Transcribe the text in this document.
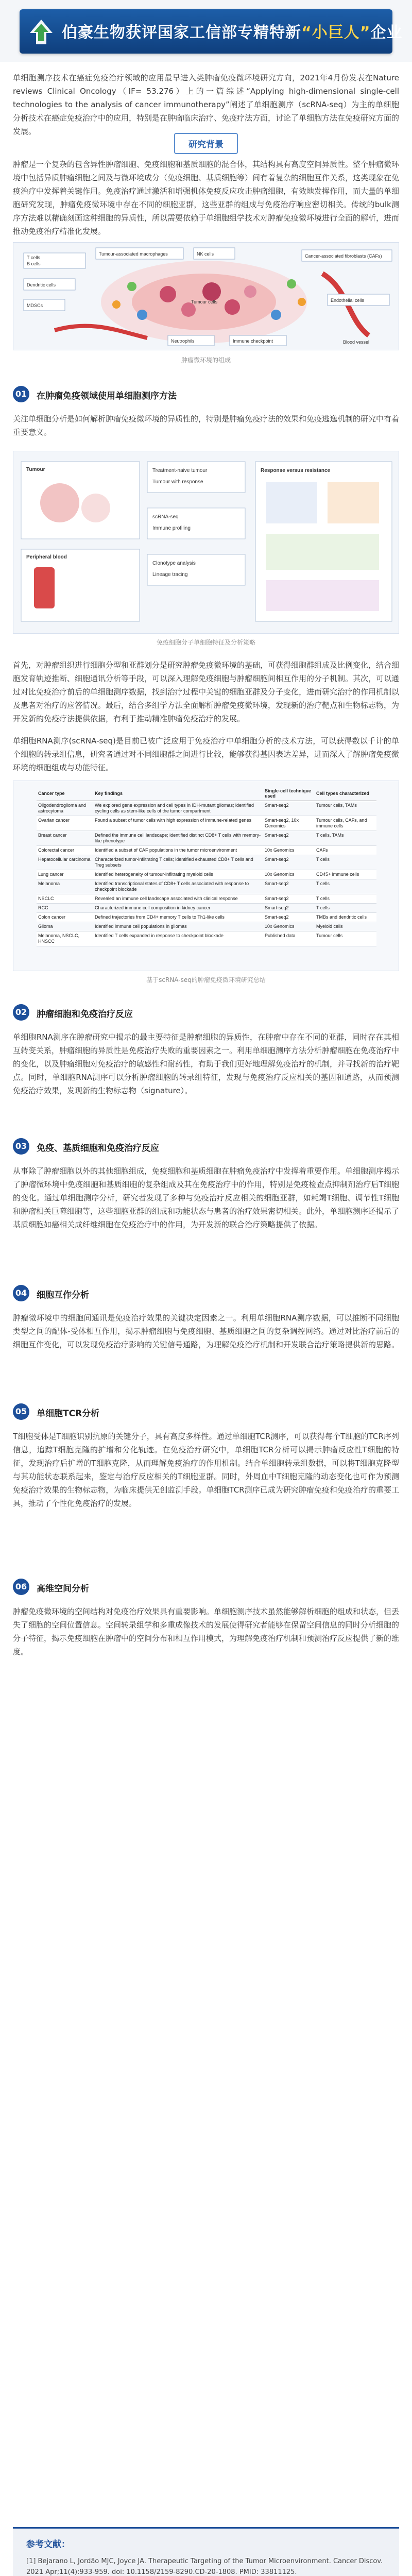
伯豪生物获评国家工信部专精特新“小巨人”企业

单细胞测序技术在癌症免疫治疗领域的应用最早进入类肿瘤免疫微环境研究方向，2021年4月份发表在Nature reviews Clinical Oncology（IF= 53.276）上的一篇综述“Applying high-dimensional single-cell technologies to the analysis of cancer immunotherapy”阐述了单细胞测序（scRNA-seq）为主的单细胞分析技术在癌症免疫治疗中的应用，特别是在肿瘤临床治疗、免疫疗法方面，讨论了单细胞方法在免疫研究方面的发展。

研究背景

肿瘤是一个复杂的包含异性肿瘤细胞、免疫细胞和基质细胞的混合体，其结构具有高度空间异质性。整个肿瘤微环境中包括异质肿瘤细胞之间及与微环境成分（免疫细胞、基质细胞等）间有着复杂的细胞互作关系，这类现象在免疫治疗中发挥着关键作用。免疫治疗通过激活和增强机体免疫反应攻击肿瘤细胞，有效地发挥作用，而大量的单细胞研究发现，肿瘤免疫微环境中存在不同的细胞亚群，这些亚群的组成与免疫治疗响应密切相关。传统的bulk测序方法难以精确刻画这种细胞的异质性，所以需要依赖于单细胞组学技术对肿瘤免疫微环境进行全面的解析，进而推动免疫治疗精准化发展。

T cells
B cells
Tumour-associated macrophages	NK cells	Cancer-associated fibroblasts (CAFs)
Dendritic cells
MDSCs
Tumour cells	Endothelial cells
Neutrophils	Immune checkpoint	Blood vessel
肿瘤微环境的组成
01 在肿瘤免疫领域使用单细胞测序方法

关注单细胞分析是如何解析肿瘤免疫微环境的异质性的，特别是肿瘤免疫疗法的效果和免疫逃逸机制的研究中有着重要意义。

Tumour
Peripheral blood
Treatment-naive tumour
Tumour with response
Response versus resistance
scRNA-seq
Immune profiling
Clonotype analysis
Lineage tracing
免疫细胞分子单细胞特征及分析策略

首先，对肿瘤组织进行细胞分型和亚群划分是研究肿瘤免疫微环境的基础，可获得细胞群组成及比例变化，结合细胞发育轨迹推断、细胞通讯分析等手段，可以深入理解免疫细胞与肿瘤细胞间相互作用的分子机制。其次，可以通过对比免疫治疗前后的单细胞测序数据，找到治疗过程中关键的细胞亚群及分子变化，进而研究治疗的作用机制以及患者对治疗的应答情况。最后，结合多组学方法全面解析肿瘤免疫微环境，发现新的治疗靶点和生物标志物，为开发新的免疫疗法提供依据，有利于推动精准肿瘤免疫治疗的发展。

单细胞RNA测序(scRNA-seq)是目前已被广泛应用于免疫治疗中单细胞分析的技术方法，可以获得数以千计的单个细胞的转录组信息，研究者通过对不同细胞群之间进行比较，能够获得基因表达差异，进而深入了解肿瘤免疫微环境的细胞组成与功能特征。

Cancer type	Key findings	Single-cell technique used	Cell types characterized
Oligodendroglioma and astrocytoma	We explored gene expression and cell types in IDH-mutant gliomas; identified cycling cells as stem-like cells of the tumor compartment	Smart-seq2	Tumour cells, TAMs
Ovarian cancer	Found a subset of tumor cells with high expression of immune-related genes	Smart-seq2, 10x Genomics	Tumour cells, CAFs, and immune cells
Breast cancer	Defined the immune cell landscape; identified distinct CD8+ T cells with memory-like phenotype	Smart-seq2	T cells, TAMs
Colorectal cancer	Identified a subset of CAF populations in the tumor microenvironment	10x Genomics	CAFs
Hepatocellular carcinoma	Characterized tumor-infiltrating T cells; identified exhausted CD8+ T cells and Treg subsets	Smart-seq2	T cells
Lung cancer	Identified heterogeneity of tumour-infiltrating myeloid cells	10x Genomics	CD45+ immune cells
Melanoma	Identified transcriptional states of CD8+ T cells associated with response to checkpoint blockade	Smart-seq2	T cells
NSCLC	Revealed an immune cell landscape associated with clinical response	Smart-seq2	T cells
RCC	Characterized immune cell composition in kidney cancer	Smart-seq2	T cells
Colon cancer	Defined trajectories from CD4+ memory T cells to Th1-like cells	Smart-seq2	TMBs and dendritic cells
Glioma	Identified immune cell populations in gliomas	10x Genomics	Myeloid cells
Melanoma, NSCLC, HNSCC	Identified T cells expanded in response to checkpoint blockade	Published data	Tumour cells
基于scRNA-seq的肿瘤免疫微环境研究总结
02 肿瘤细胞和免疫治疗反应

单细胞RNA测序在肿瘤研究中揭示的最主要特征是肿瘤细胞的异质性，在肿瘤中存在不同的亚群，同时存在其相互转变关系，肿瘤细胞的异质性是免疫治疗失败的重要因素之一。利用单细胞测序方法分析肿瘤细胞在免疫治疗中的变化，以及肿瘤细胞对免疫治疗的敏感性和耐药性，有助于我们更好地理解免疫治疗的机制，并寻找新的治疗靶点。同时，单细胞RNA测序可以分析肿瘤细胞的转录组特征，发现与免疫治疗反应相关的基因和通路，从而预测免疫治疗效果，发现新的生物标志物（signature）。

03 免疫、基质细胞和免疫治疗反应

从事除了肿瘤细胞以外的其他细胞组成，免疫细胞和基质细胞在肿瘤免疫治疗中发挥着重要作用。单细胞测序揭示了肿瘤微环境中免疫细胞和基质细胞的复杂组成及其在免疫治疗中的作用，特别是免疫检查点抑制剂治疗后T细胞的变化。通过单细胞测序分析，研究者发现了多种与免疫治疗反应相关的细胞亚群，如耗竭T细胞、调节性T细胞和肿瘤相关巨噬细胞等，这些细胞亚群的组成和功能状态与患者的治疗效果密切相关。此外，单细胞测序还揭示了基质细胞如癌相关成纤维细胞在免疫治疗中的作用，为开发新的联合治疗策略提供了依据。

04 细胞互作分析

肿瘤微环境中的细胞间通讯是免疫治疗效果的关键决定因素之一。利用单细胞RNA测序数据，可以推断不同细胞类型之间的配体-受体相互作用，揭示肿瘤细胞与免疫细胞、基质细胞之间的复杂调控网络。通过对比治疗前后的细胞互作变化，可以发现免疫治疗影响的关键信号通路，为理解免疫治疗机制和开发联合治疗策略提供新的思路。

05 单细胞TCR分析

T细胞受体是T细胞识别抗原的关键分子，具有高度多样性。通过单细胞TCR测序，可以获得每个T细胞的TCR序列信息，追踪T细胞克隆的扩增和分化轨迹。在免疫治疗研究中，单细胞TCR分析可以揭示肿瘤反应性T细胞的特征，发现治疗后扩增的T细胞克隆，从而理解免疫治疗的作用机制。结合单细胞转录组数据，可以将T细胞克隆型与其功能状态联系起来，鉴定与治疗反应相关的T细胞亚群。同时，外周血中T细胞克隆的动态变化也可作为预测免疫治疗效果的生物标志物，为临床提供无创监测手段。单细胞TCR测序已成为研究肿瘤免疫和免疫治疗的重要工具，推动了个性化免疫治疗的发展。

06 高维空间分析

肿瘤免疫微环境的空间结构对免疫治疗效果具有重要影响。单细胞测序技术虽然能够解析细胞的组成和状态，但丢失了细胞的空间位置信息。空间转录组学和多重成像技术的发展使得研究者能够在保留空间信息的同时分析细胞的分子特征，揭示免疫细胞在肿瘤中的空间分布和相互作用模式，为理解免疫治疗机制和预测治疗反应提供了新的维度。

参考文献：
[1] Bejarano L, Jordão MJC, Joyce JA. Therapeutic Targeting of the Tumor Microenvironment. Cancer Discov. 2021 Apr;11(4):933-959. doi: 10.1158/2159-8290.CD-20-1808. PMID: 33811125.
